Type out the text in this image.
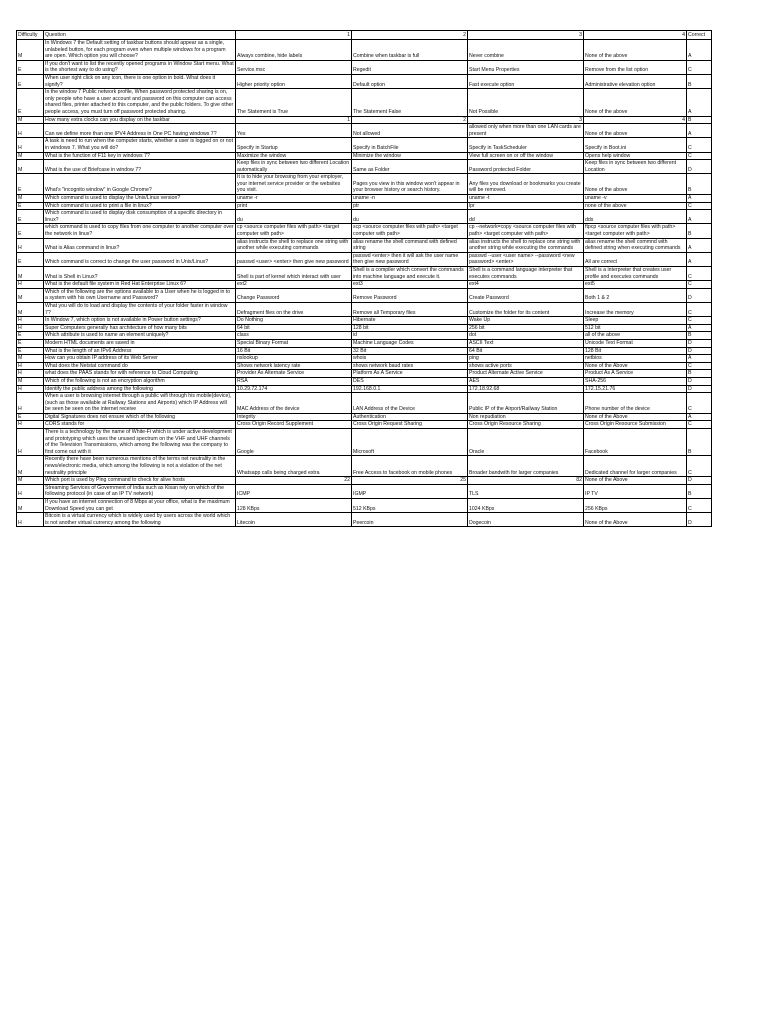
Difficulty	Question	1	2	3	4	Correct
M	In Windows 7 the Default setting of taskbar buttons should appear as a single, unlabeled button, for each program even when multiple windows for a program are open. Which option you will choose?	Always combine, hide labels	Combine when taskbar is full	Never combine	None of the above	A
E	If you don't want to list the recently opened programs in Window Start menu. What is the shortest way to do using?	Service.msc	Regedit	Start Menu Properties	Remove from the list option	C
E	When user right click on any icon, there is one option in bold. What does it signify?	Higher priority option	Default option	Fast execute option	Administrative elevation option	B
E	In the window 7 Public network profile, When password protected sharing is on, only people who have a user account and password on this computer can access shared files, printer attached to this computer, and the public folders. To give other people access, you must turn off password protected sharing.	The Statement is True	The Statement False	Not Possible	None of the above	A
M	How many extra clocks can you display on the taskbar	1	2	3	4	B
H	Can we define more than one IPV4 Address in One PC having windows 7?	Yes	Not allowed	allowed only when more than one LAN cards are present	None of the above	A
H	A task is need to run when the computer starts, whether a user is logged on or not in windows 7. What you will do?	Specify in Startup	Specify in BatchFile	Specify in TaskScheduler	Specify in Boot.ini	C
M	What is the function of F11 key in windows 7?	Maximize the window	Minimize the window	View full screen on or off the window	Opens help window	C
M	What is the use of Briefcase in window 7?	Keep files in sync between two different Location automatically	Same as Folder	Password protected Folder	Keep files in sync between two different Location	D
E	What's "incognito window" in Google Chrome?	It is to hide your browsing from your employer, your internet service provider or the websites you visit.	Pages you view in this window won't appear in your browser history or search history.	Any files you download or bookmarks you create will be removed.	None of the above	B
M	Which command is used to display the Unix/Linux version?	uname -r	uname -n	uname -t	uname -v	A
E	Which command is used to print a file in linux?	print	ptr	lpr	none of the above	C
E	Which command is used to display disk consumption of a specific directory in linux?	du	du	dd	dds	A
E	which command is used to copy files from one computer to another computer over the network in linux?	cp <source computer files with path> <target computer with path>	scp <source computer files with path> <target computer with path>	cp --network=copy <source computer files with path> <target computer with path>	ftpcp <source computer files with path> <target computer with path>	B
H	What is Alias command in linux?	alias instructs the shell to replace one string with another while executing commands	alias rename the shell command with defined string	alias instructs the shell to replace one string with another string while executing the commands	alias rename the shell commnd with defined string when executing commands	A
E	Which command is correct to change the user password in Unix/Linux?	passwd <user> <enter> then give new password	passwd <enter> then it will ask the user name then give new password	passwd --user <user name> --password <new password> <enter>	All are correct	A
M	What is Shell in Linux?	Shell is part of kernel which interact with user	Shell is a compiler which convert the commands into machine language and execute it.	Shell is a command language interpreter that executes commands	Shell is a interpreter that creates user profile and executes commands	C
H	What is the default file system in Red Hat Enterprise Linux 6?	ext2	ext3	ext4	ext5	C
M	Which of the following are the options available to a User when he is logged in to a system with his own Username and Password?	Change Password	Remove Password	Create Password	Both 1 & 2	D
M	What you will do to load and display the contents of your folder faster in window 7?	Defragment files on the drive	Remove all Temporary files	Customize the folder for its content	Increase the memory	C
H	In Window 7, which option is not available in Power button settings?	Do Nothing	Hibernate	Wake Up	Sleep	C
H	Super Computers generally has architecture of how many bits	64 bit	128 bit	256 bit	512 bit	A
E	Which attribute is used to name an element uniquely?	class	id	dot	all of the above	B
E	Modern HTML documents are saved in	Special Binary Format	Machine Language Codes	ASCII Text	Unicode Text Format	D
E	What is the length of an IPv6 Address	16 Bit	32 Bit	64 Bit	128 Bit	D
M	How can you obtain IP address of its Web Server	nslookup	whois	ping	netbios	A
H	What does the Netstat command do	Shows network latency rate	shows network baud rates	shows active ports	None of the Above	C
H	what does the PAAS stands for with reference to Cloud Computing	Provider As Alternate Service	Platform As A Service	Product Alternate Active Service	Product As A Service	B
M	Which of the following is not an encryption algorithm	RSA	DES	AES	SHA-256	D
H	Identify the public address among the following	10.29.72.174	192.168.0.1	172.18.92.68	172.15.21.76	D
H	When a user is browsing internet through a public wifi through his mobile(device), (such as those available at Railway Stations and Airports) which IP Address will be seen be seen on the internet receive	MAC Address of the device	LAN Address of the Device	Public IP of the Airport/Railway Station	Phone number of the device	C
E	Digital Signatures does not ensure which of the following	Integrity	Authentication	Non repudiation	None of the Above	A
H	CORS stands for	Cross Origin Record Supplement	Cross Origin Request Sharing	Cross Origin Resource Sharing	Cross Origin Resource Submission	C
H	There is a technology by the name of White-Fi which is under active development and prototyping which uses the unused spectrum on the VHF and UHF channels of the Television Transmissions, which among the following was the company to first come out with it	Google	Microsoft	Oracle	Facebook	B
M	Recently there have been numerous mentions of the terms net neutrality in the news/electronic media, which among the following is not a violation of the net neutrality principle	Whatsapp calls being charged extra	Free Access to facebook on mobile phones	Broader bandwith for larger companies	Dedicated channel for larger companies	C
M	Which port is used by Ping command to check for alive hosts	22	25	82	None of the Above	D
H	Streaming Services of Government of India such as Kisan rely on which of the following protocol (in case of an IP TV network)	ICMP	IGMP	TLS	IP TV	B
M	If you have an internet connection of 8 Mbps at your office, what is the maximum Download Speed you can get	128 KBps	512 KBps	1024 KBps	256 KBps	C
H	Bitcoin is a virtual currency which is widely used by users across the world which is not another virtual currency among the following	Litecoin	Peercoin	Dogecoin	None of the Above	D
